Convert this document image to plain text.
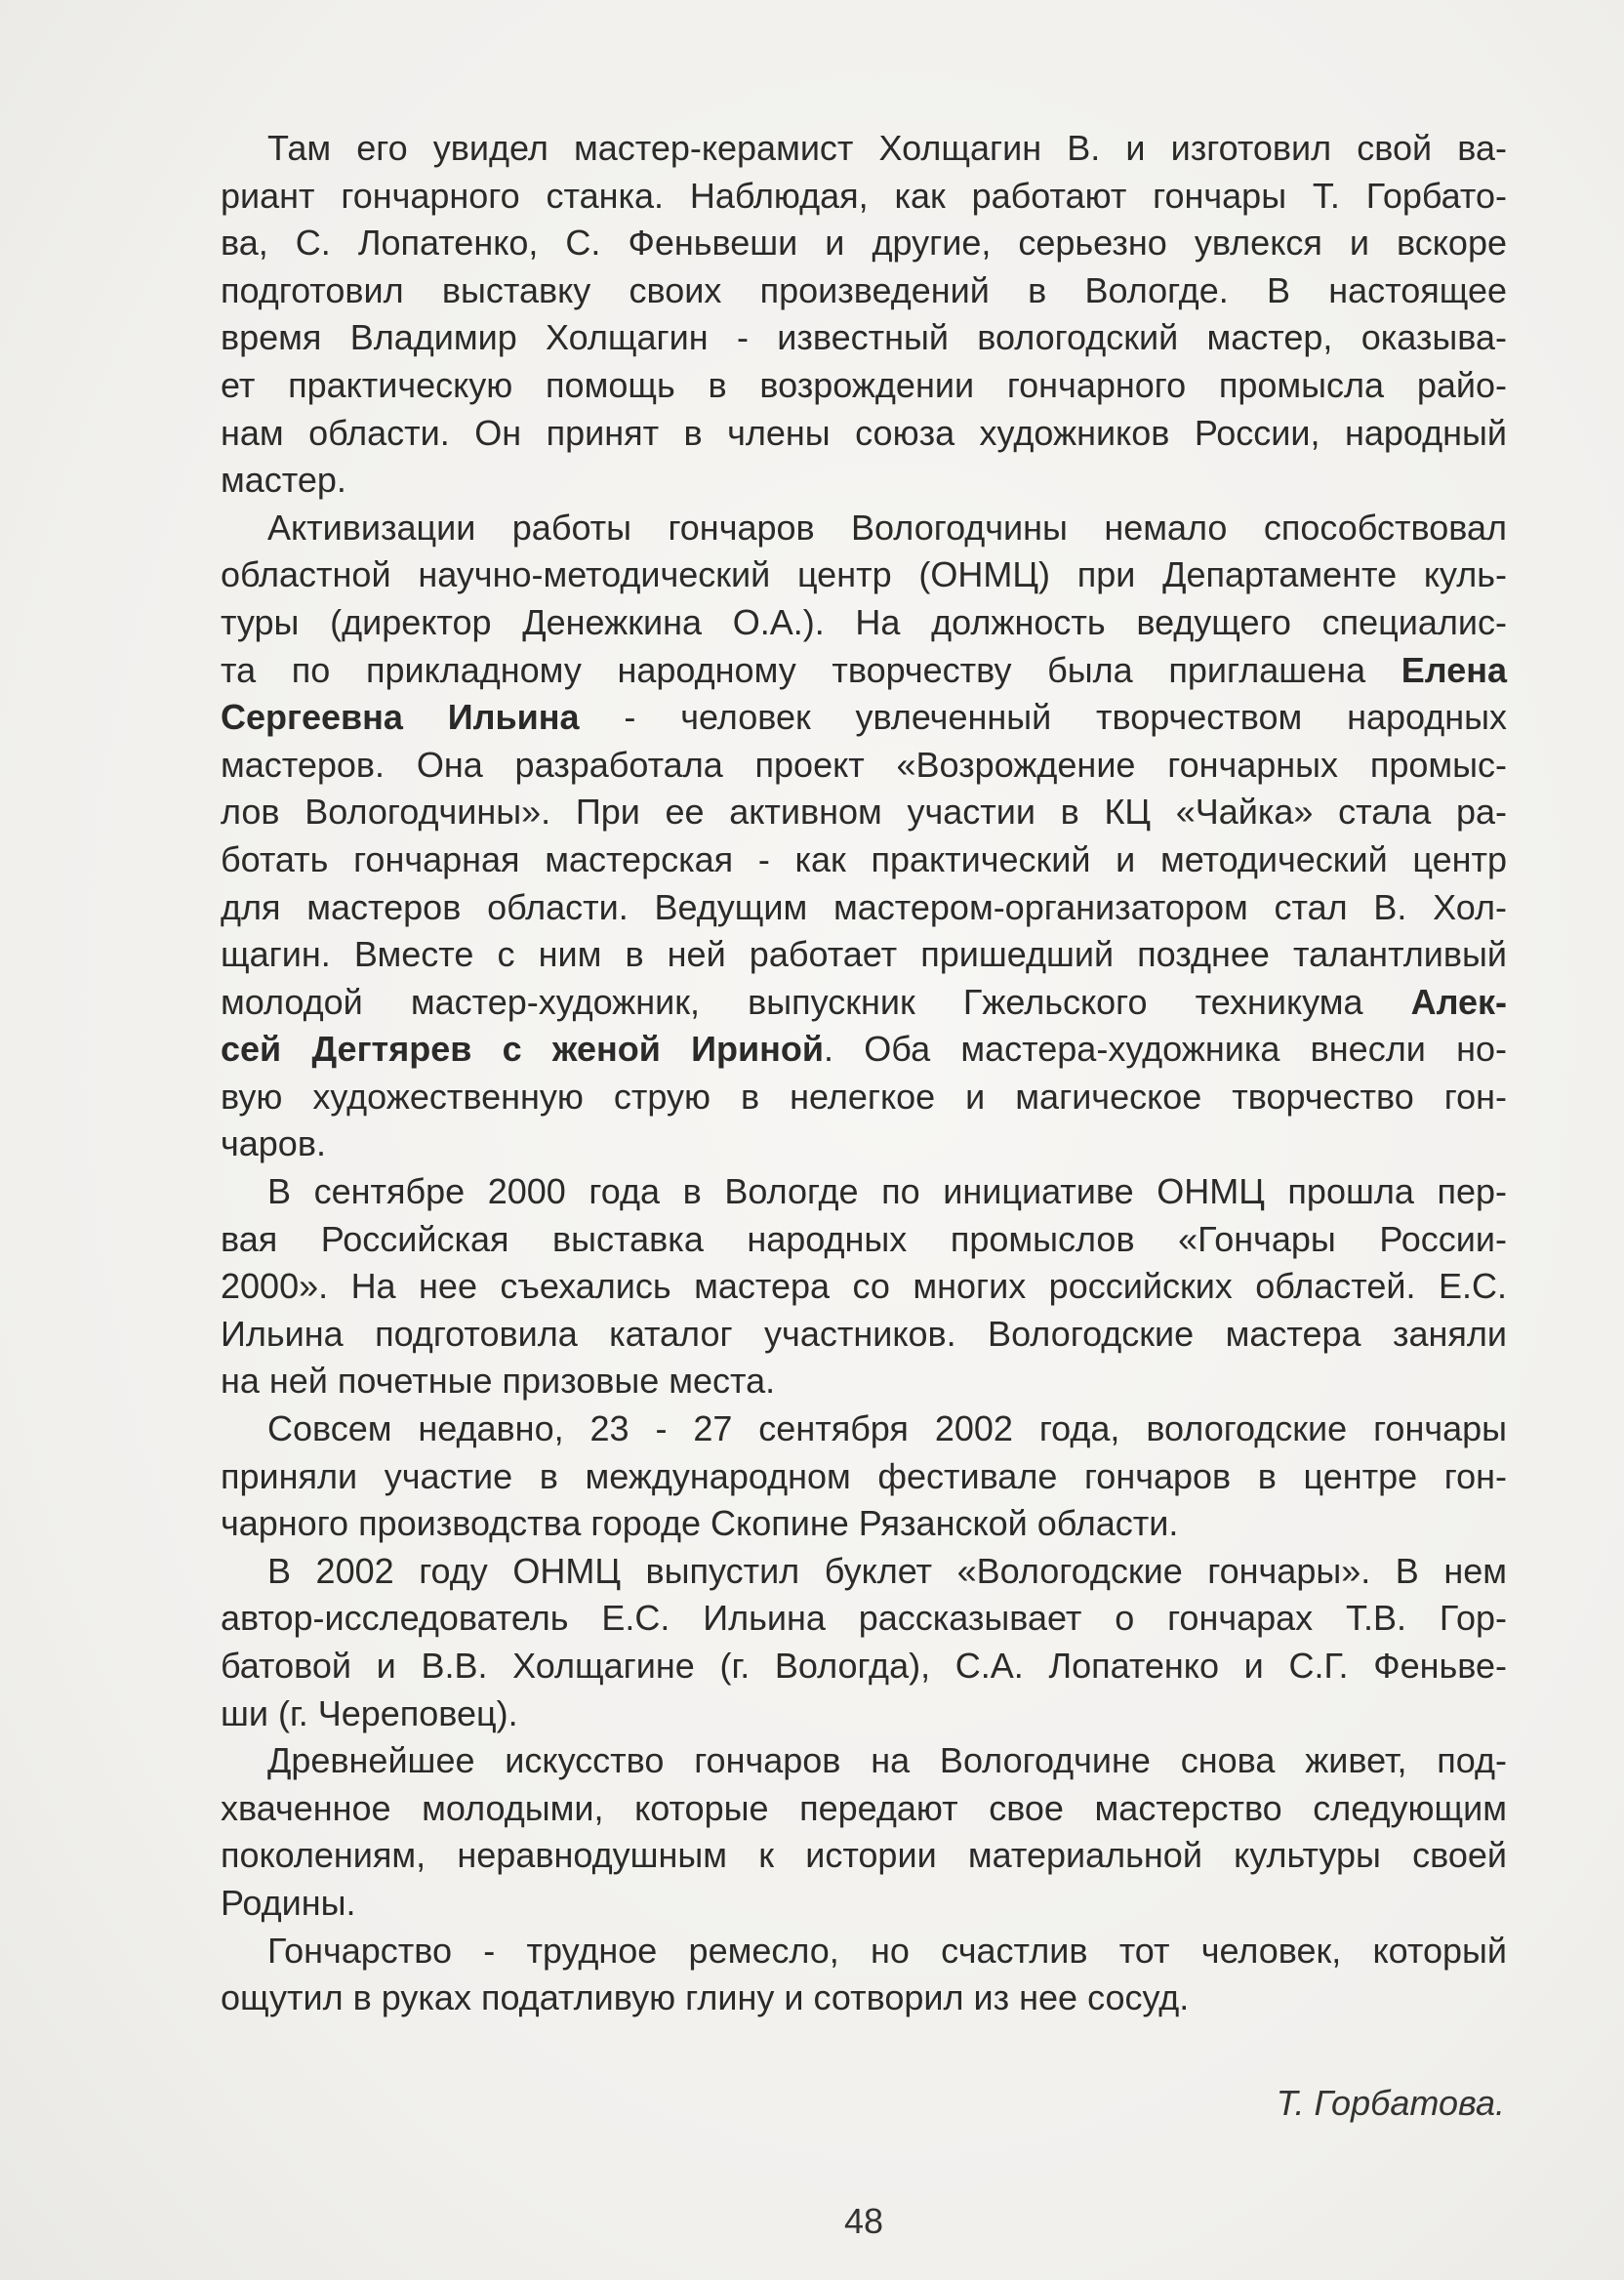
Там его увидел мастер-керамист Холщагин В. и изготовил свой ва-
риант гончарного станка. Наблюдая, как работают гончары Т. Горбато-
ва, С. Лопатенко, С. Феньвеши и другие, серьезно увлекся и вскоре
подготовил выставку своих произведений в Вологде. В настоящее
время Владимир Холщагин - известный вологодский мастер, оказыва-
ет практическую помощь в возрождении гончарного промысла райо-
нам области. Он принят в члены союза художников России, народный
мастер.
Активизации работы гончаров Вологодчины немало способствовал
областной научно-методический центр (ОНМЦ) при Департаменте куль-
туры (директор Денежкина О.А.). На должность ведущего специалис-
та по прикладному народному творчеству была приглашена Елена
Сергеевна Ильина - человек увлеченный творчеством народных
мастеров. Она разработала проект «Возрождение гончарных промыс-
лов Вологодчины». При ее активном участии в КЦ «Чайка» стала ра-
ботать гончарная мастерская - как практический и методический центр
для мастеров области. Ведущим мастером-организатором стал В. Хол-
щагин. Вместе с ним в ней работает пришедший позднее талантливый
молодой мастер-художник, выпускник Гжельского техникума Алек-
сей Дегтярев с женой Ириной. Оба мастера-художника внесли но-
вую художественную струю в нелегкое и магическое творчество гон-
чаров.
В сентябре 2000 года в Вологде по инициативе ОНМЦ прошла пер-
вая Российская выставка народных промыслов «Гончары России-
2000». На нее съехались мастера со многих российских областей. Е.С.
Ильина подготовила каталог участников. Вологодские мастера заняли
на ней почетные призовые места.
Совсем недавно, 23 - 27 сентября 2002 года, вологодские гончары
приняли участие в международном фестивале гончаров в центре гон-
чарного производства городе Скопине Рязанской области.
В 2002 году ОНМЦ выпустил буклет «Вологодские гончары». В нем
автор-исследователь Е.С. Ильина рассказывает о гончарах Т.В. Гор-
батовой и В.В. Холщагине (г. Вологда), С.А. Лопатенко и С.Г. Феньве-
ши (г. Череповец).
Древнейшее искусство гончаров на Вологодчине снова живет, под-
хваченное молодыми, которые передают свое мастерство следующим
поколениям, неравнодушным к истории материальной культуры своей
Родины.
Гончарство - трудное ремесло, но счастлив тот человек, который
ощутил в руках податливую глину и сотворил из нее сосуд.
Т. Горбатова.
48
